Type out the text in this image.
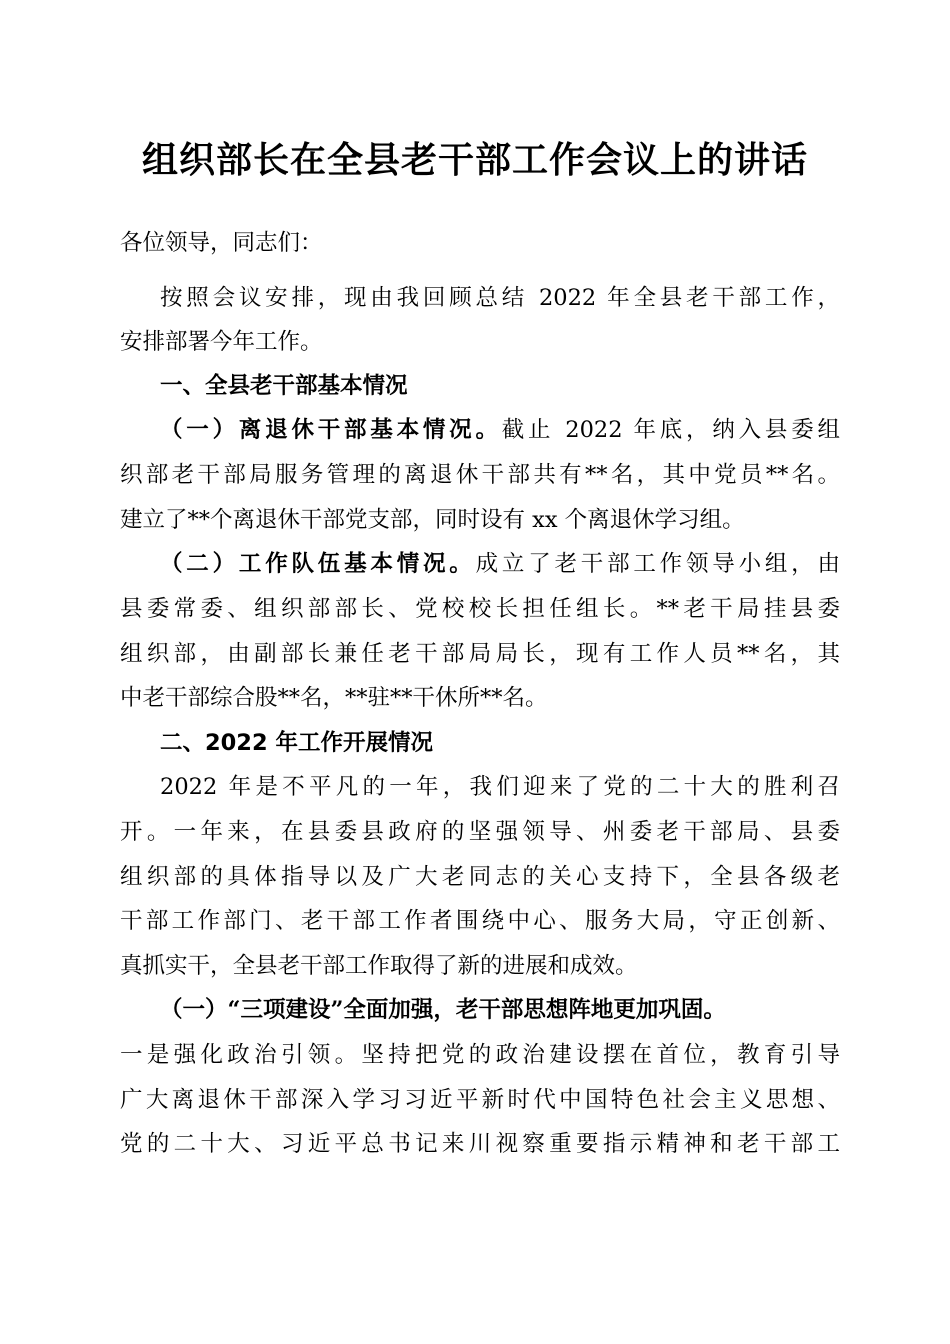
组织部长在全县老干部工作会议上的讲话
各位领导，同志们：
按照会议安排，现由我回顾总结 2022 年全县老干部工作，
安排部署今年工作。
一、全县老干部基本情况
（一）离退休干部基本情况。截止 2022 年底，纳入县委组
织部老干部局服务管理的离退休干部共有**名，其中党员**名。
建立了**个离退休干部党支部，同时设有 xx 个离退休学习组。
（二）工作队伍基本情况。成立了老干部工作领导小组，由
县委常委、组织部部长、党校校长担任组长。**老干局挂县委
组织部，由副部长兼任老干部局局长，现有工作人员**名，其
中老干部综合股**名，**驻**干休所**名。
二、2022 年工作开展情况
2022 年是不平凡的一年，我们迎来了党的二十大的胜利召
开。一年来，在县委县政府的坚强领导、州委老干部局、县委
组织部的具体指导以及广大老同志的关心支持下，全县各级老
干部工作部门、老干部工作者围绕中心、服务大局，守正创新、
真抓实干，全县老干部工作取得了新的进展和成效。
（一）“三项建设”全面加强，老干部思想阵地更加巩固。
一是强化政治引领。坚持把党的政治建设摆在首位，教育引导
广大离退休干部深入学习习近平新时代中国特色社会主义思想、
党的二十大、习近平总书记来川视察重要指示精神和老干部工
